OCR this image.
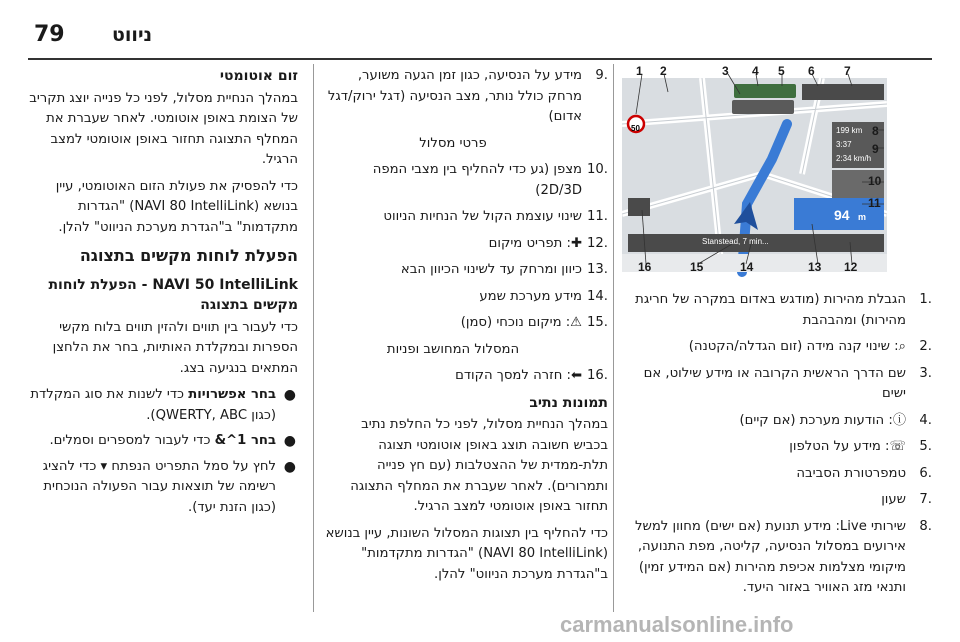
79 ניווט
1 2	3 4 5 6 7
8
9
10
11
12
13
14
15
16
50
94 m
199 km
3:37
2:34 km/h
Stanstead, 7 min...
1.
הגבלת מהירות (מודגש באדום במקרה של חריגת מהירות) ומהבהבת
2.
⌕: שינוי קנה מידה (זום הגדלה/הקטנה)
3.
שם הדרך הראשית הקרובה או מידע שילוט, אם ישים
4.
ⓘ: הודעות מערכת (אם קיים)
5.
☏: מידע על הטלפון
6.
טמפרטורת הסביבה
7.
שעון
8.
שירותי Live: מידע תנועת (אם ישים) מחוון למשל אירועים במסלול הנסיעה, קליטה, מפת התנועה, מיקומי מצלמות אכיפת מהירות (אם המידע זמין) ותנאי מזג האוויר באזור היעד.
9.
מידע על הנסיעה, כגון זמן הגעה משוער, מרחק כולל נותר, מצב הנסיעה (דגל ירוק/דגל אדום)
פרטי מסלול
10.
מצפן (גע כדי להחליף בין מצבי המפה 2D/3D)
11.
שינוי עוצמת הקול של הנחיות הניווט
12.
✚: תפריט מיקום
13.
כיוון ומרחק עד לשינוי הכיוון הבא
14.
מידע מערכת שמע
15.
⚠: מיקום נוכחי (סמן)
המסלול המחושב ופניות
16.
⬅: חזרה למסך הקודם
תמונות נתיב

במהלך הנחיית מסלול, לפני כל החלפת נתיב בכביש חשובה תוצג באופן אוטומטי תצוגה תלת-ממדית של ההצטלבות (עם חץ פנייה ותמרורים). לאחר שעברת את המחלף התצוגה תחזור באופן אוטומטי למצב הרגיל.

כדי להחליף בין תצוגות המסלול השונות, עיין בנושא (NAVI 80 IntelliLink) "הגדרות מתקדמות" ב"הגדרת מערכת הניווט" להלן.

זום אוטומטי

במהלך הנחיית מסלול, לפני כל פנייה יוצג תקריב של הצומת באופן אוטומטי. לאחר שעברת את המחלף התצוגה תחזור באופן אוטומטי למצב הרגיל.

כדי להפסיק את פעולת הזום האוטומטי, עיין בנושא (NAVI 80 IntelliLink) "הגדרות מתקדמות" ב"הגדרת מערכת הניווט" להלן.

הפעלת לוחות מקשים בתצוגה
NAVI 50 IntelliLink - הפעלת לוחות מקשים בתצוגה

כדי לעבור בין תווים ולהזין תווים בלוח מקשי הספרות ובמקלדת האותיות, בחר את הלחצן המתאים בנגיעה בצג.

●
בחר אפשרויות כדי לשנות את סוג המקלדת (כגון QWERTY, ABC).
●
בחר ‎&^1 כדי לעבור למספרים וסמלים.
●
לחץ על סמל התפריט הנפתח ▾ כדי להציג רשימה של תוצאות עבור הפעולה הנוכחית (כגון הזנת יעד).
carmanualsonline.info
